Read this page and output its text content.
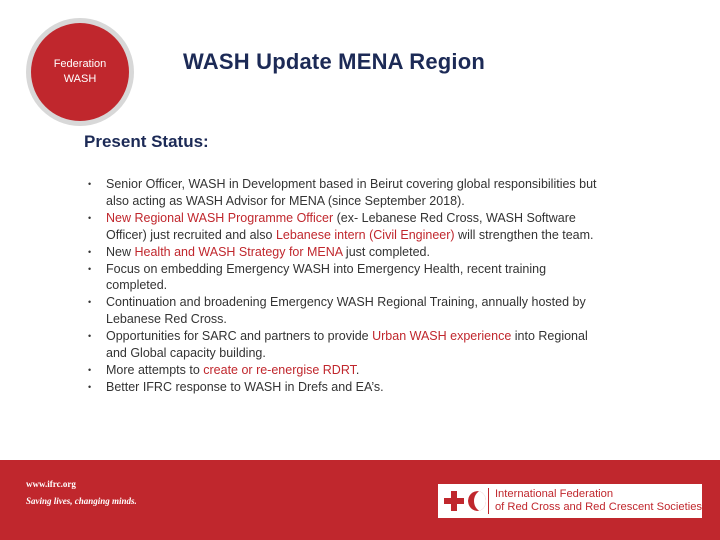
Federation
WASH
WASH Update MENA Region
Present Status:
• Senior Officer, WASH in Development based in Beirut covering global responsibilities but also acting as WASH Advisor for MENA (since September 2018).
• New Regional WASH Programme Officer (ex- Lebanese Red Cross, WASH Software Officer) just recruited and also Lebanese intern (Civil Engineer) will strengthen the team.
• New Health and WASH Strategy for MENA just completed.
• Focus on embedding Emergency WASH into Emergency Health, recent training completed.
• Continuation and broadening Emergency WASH Regional Training, annually hosted by Lebanese Red Cross.
• Opportunities for SARC and partners to provide Urban WASH experience into Regional and Global capacity building.
• More attempts to create or re-energise RDRT.
• Better IFRC response to WASH in Drefs and EA’s.
www.ifrc.org
Saving lives, changing minds.
International Federation
of Red Cross and Red Crescent Societies
